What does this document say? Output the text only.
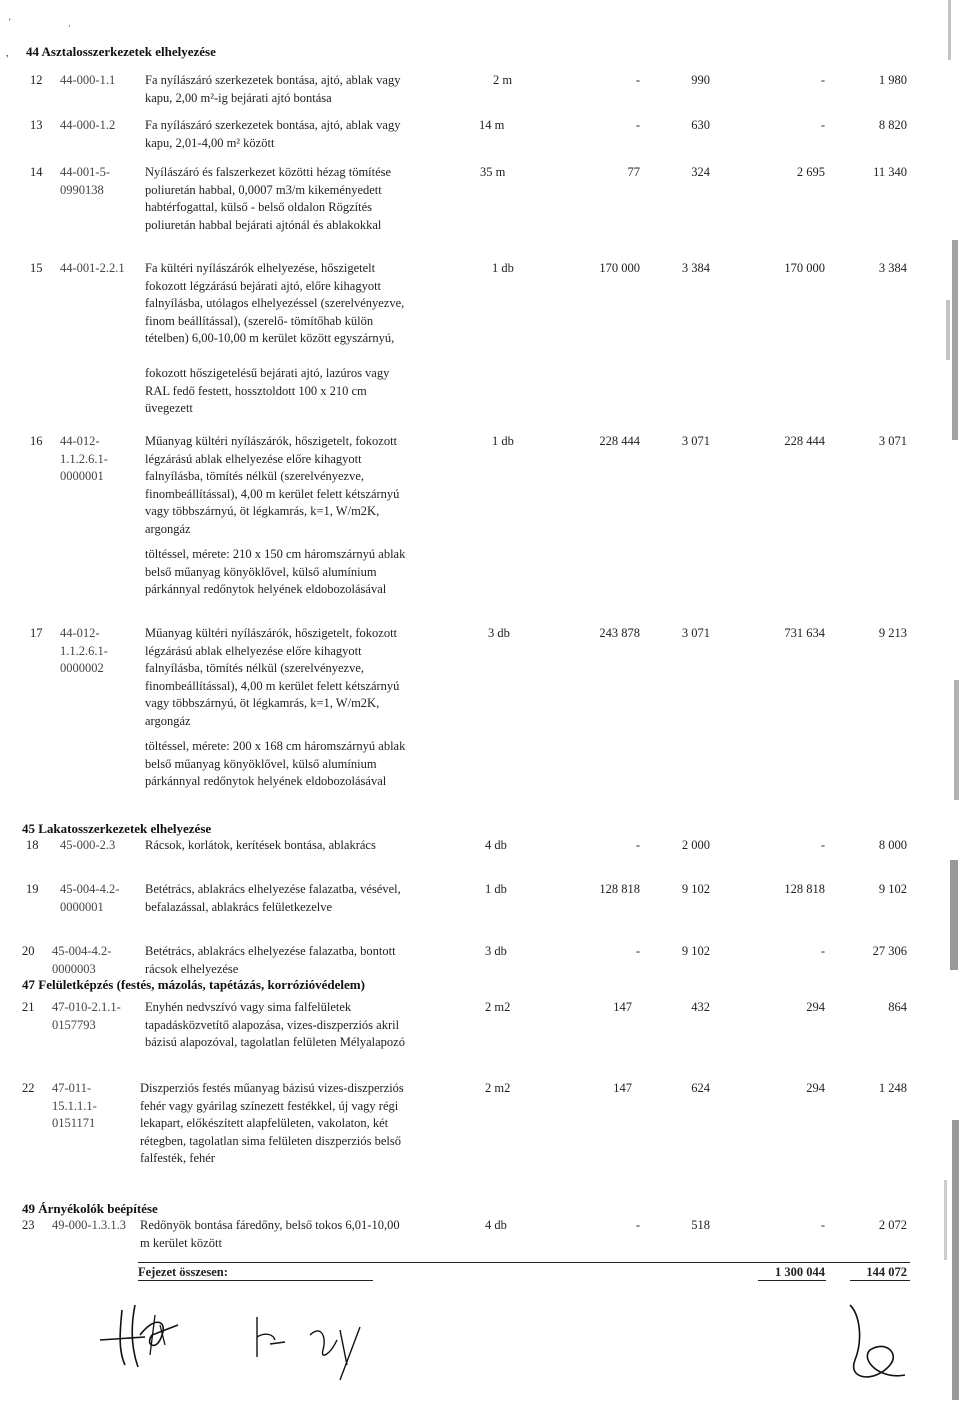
'	·
, 44 Asztalosszerkezetek elhelyezése
45 Lakatosszerkezetek elhelyezése
47 Felületképzés (festés, mázolás, tapétázás, korrózióvédelem)
49 Árnyékolók beépítése
12 44-000-1.1 Fa nyílászáró szerkezetek bontása, ajtó, ablak vagy
kapu, 2,00 m²-ig bejárati ajtó bontása
2 m	-	990	-	1 980
13 44-000-1.2 Fa nyílászáró szerkezetek bontása, ajtó, ablak vagy
kapu, 2,01-4,00 m² között
14 m	-	630	-	8 820
14 44-001-5-
0990138
Nyílászáró és falszerkezet közötti hézag tömítése
poliuretán habbal, 0,0007 m3/m kikeményedett
habtérfogattal, külső - belső oldalon Rögzítés
poliuretán habbal bejárati ajtónál és ablakokkal
35 m	77	324	2 695	11 340
15 44-001-2.2.1 Fa kültéri nyílászárók elhelyezése, hőszigetelt
fokozott légzárású bejárati ajtó, előre kihagyott
falnyílásba, utólagos elhelyezéssel (szerelvényezve,
finom beállítással), (szerelő- tömítőhab külön
tételben) 6,00-10,00 m kerület között egyszárnyú,
fokozott hőszigetelésű bejárati ajtó, lazúros vagy
RAL fedő festett, hossztoldott 100 x 210 cm
üvegezett
1 db	170 000	3 384	170 000	3 384
16 44-012-
1.1.2.6.1-
0000001
Műanyag kültéri nyílászárók, hőszigetelt, fokozott
légzárású ablak elhelyezése előre kihagyott
falnyílásba, tömítés nélkül (szerelvényezve,
finombeállítással), 4,00 m kerület felett kétszárnyú
vagy többszárnyú, öt légkamrás, k=1, W/m2K,
argongáz
töltéssel, mérete: 210 x 150 cm háromszárnyú ablak
belső műanyag könyöklővel, külső alumínium
párkánnyal redőnytok helyének eldobozolásával
1 db	228 444	3 071	228 444	3 071
17 44-012-
1.1.2.6.1-
0000002
Műanyag kültéri nyílászárók, hőszigetelt, fokozott
légzárású ablak elhelyezése előre kihagyott
falnyílásba, tömítés nélkül (szerelvényezve,
finombeállítással), 4,00 m kerület felett kétszárnyú
vagy többszárnyú, öt légkamrás, k=1, W/m2K,
argongáz
töltéssel, mérete: 200 x 168 cm háromszárnyú ablak
belső műanyag könyöklővel, külső alumínium
párkánnyal redőnytok helyének eldobozolásával
3 db	243 878	3 071	731 634	9 213
18 45-000-2.3 Rácsok, korlátok, kerítések bontása, ablakrács	4 db	-	2 000	-	8 000
19 45-004-4.2-
0000001
Betétrács, ablakrács elhelyezése falazatba, vésével,
befalazással, ablakrács felületkezelve
1 db	128 818	9 102	128 818	9 102
20 45-004-4.2-
0000003
Betétrács, ablakrács elhelyezése falazatba, bontott
rácsok elhelyezése
3 db	-	9 102	-	27 306
21 47-010-2.1.1-
0157793
Enyhén nedvszívó vagy sima falfelületek
tapadásközvetítő alapozása, vizes-diszperziós akril
bázisú alapozóval, tagolatlan felületen Mélyalapozó
2 m2	147	432	294	864
22 47-011-
15.1.1.1-
0151171
Diszperziós festés műanyag bázisú vizes-diszperziós
fehér vagy gyárilag színezett festékkel, új vagy régi
lekapart, előkészített alapfelületen, vakolaton, két
rétegben, tagolatlan sima felületen diszperziós belső
falfesték, fehér
2 m2	147	624	294	1 248
23 49-000-1.3.1.3 Redőnyök bontása fáredőny, belső tokos 6,01-10,00
m kerület között
4 db	-	518	-	2 072
Fejezet összesen:	1 300 044	144 072
